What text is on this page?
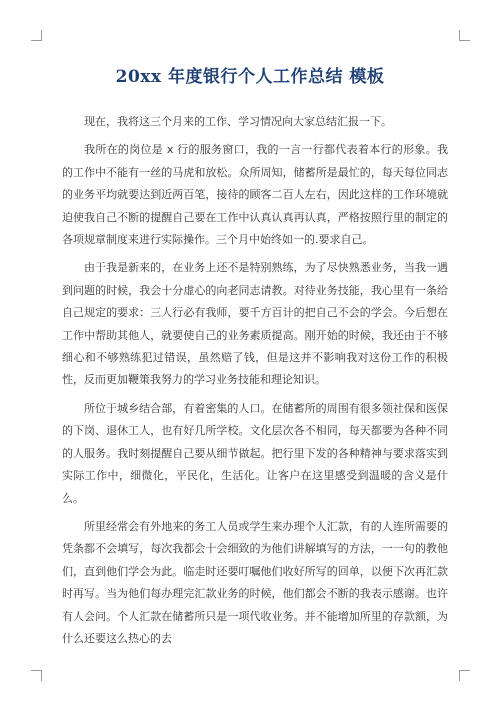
20xx 年度银行个人工作总结 模板

现在，我将这三个月来的工作、学习情况向大家总结汇报一下。

我所在的岗位是 x 行的服务窗口，我的一言一行都代表着本行的形象。我的工作中不能有一丝的马虎和放松。众所周知，储蓄所是最忙的，每天每位同志的业务平均就要达到近两百笔，接待的顾客二百人左右，因此这样的工作环境就迫使我自己不断的提醒自己要在工作中认真认真再认真，严格按照行里的制定的各项规章制度来进行实际操作。三个月中始终如一的.要求自己。

由于我是新来的，在业务上还不是特别熟练，为了尽快熟悉业务，当我一遇到问题的时候，我会十分虚心的向老同志请教。对待业务技能，我心里有一条给自己规定的要求：三人行必有我师，要千方百计的把自己不会的学会。今后想在工作中帮助其他人，就要使自己的业务素质提高。刚开始的时候，我还由于不够细心和不够熟练犯过错误，虽然赔了钱，但是这并不影响我对这份工作的积极性，反而更加鞭策我努力的学习业务技能和理论知识。

所位于城乡结合部，有着密集的人口。在储蓄所的周围有很多领社保和医保的下岗、退休工人，也有好几所学校。文化层次各不相同，每天都要为各种不同的人服务。我时刻提醒自己要从细节做起。把行里下发的各种精神与要求落实到实际工作中，细微化，平民化，生活化。让客户在这里感受到温暖的含义是什么。

所里经常会有外地来的务工人员或学生来办理个人汇款，有的人连所需要的凭条都不会填写，每次我都会十会细致的为他们讲解填写的方法，一一句的教他们，直到他们学会为此。临走时还要叮嘱他们收好所写的回单，以便下次再汇款时再写。当为他们每办理完汇款业务的时候，他们都会不断的我表示感谢。也许有人会问。个人汇款在储蓄所只是一项代收业务。并不能增加所里的存款额，为什么还要这么热心的去
